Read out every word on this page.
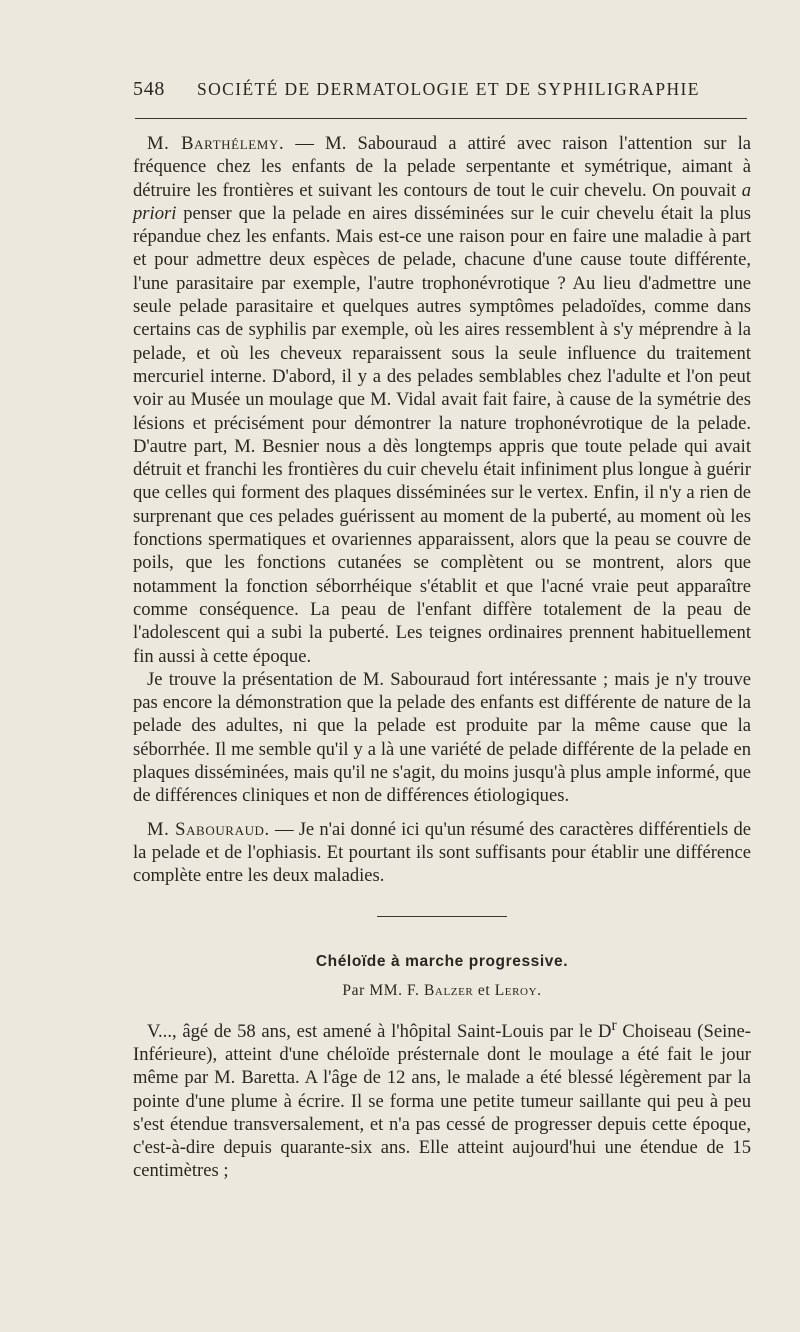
548	SOCIÉTÉ DE DERMATOLOGIE ET DE SYPHILIGRAPHIE

M. Barthélemy. — M. Sabouraud a attiré avec raison l'attention sur la fréquence chez les enfants de la pelade serpentante et symétrique, aimant à détruire les frontières et suivant les contours de tout le cuir chevelu. On pouvait a priori penser que la pelade en aires disséminées sur le cuir chevelu était la plus répandue chez les enfants. Mais est-ce une raison pour en faire une maladie à part et pour admettre deux espèces de pelade, chacune d'une cause toute différente, l'une parasitaire par exemple, l'autre trophonévrotique ? Au lieu d'admettre une seule pelade parasitaire et quelques autres symptômes peladoïdes, comme dans certains cas de syphilis par exemple, où les aires ressemblent à s'y méprendre à la pelade, et où les cheveux reparaissent sous la seule influence du traitement mercuriel interne. D'abord, il y a des pelades semblables chez l'adulte et l'on peut voir au Musée un moulage que M. Vidal avait fait faire, à cause de la symétrie des lésions et précisément pour démontrer la nature trophonévrotique de la pelade. D'autre part, M. Besnier nous a dès longtemps appris que toute pelade qui avait détruit et franchi les frontières du cuir chevelu était infiniment plus longue à guérir que celles qui forment des plaques disséminées sur le vertex. Enfin, il n'y a rien de surprenant que ces pelades guérissent au moment de la puberté, au moment où les fonctions spermatiques et ovariennes apparaissent, alors que la peau se couvre de poils, que les fonctions cutanées se complètent ou se montrent, alors que notamment la fonction séborrhéique s'établit et que l'acné vraie peut apparaître comme conséquence. La peau de l'enfant diffère totalement de la peau de l'adolescent qui a subi la puberté. Les teignes ordinaires prennent habituellement fin aussi à cette époque.

Je trouve la présentation de M. Sabouraud fort intéressante ; mais je n'y trouve pas encore la démonstration que la pelade des enfants est différente de nature de la pelade des adultes, ni que la pelade est produite par la même cause que la séborrhée. Il me semble qu'il y a là une variété de pelade différente de la pelade en plaques disséminées, mais qu'il ne s'agit, du moins jusqu'à plus ample informé, que de différences cliniques et non de différences étiologiques.

M. Sabouraud. — Je n'ai donné ici qu'un résumé des caractères différentiels de la pelade et de l'ophiasis. Et pourtant ils sont suffisants pour établir une différence complète entre les deux maladies.

Chéloïde à marche progressive.
Par MM. F. Balzer et Leroy.

V..., âgé de 58 ans, est amené à l'hôpital Saint-Louis par le $D^r$ Choiseau (Seine-Inférieure), atteint d'une chéloïde présternale dont le moulage a été fait le jour même par M. Baretta. A l'âge de 12 ans, le malade a été blessé légèrement par la pointe d'une plume à écrire. Il se forma une petite tumeur saillante qui peu à peu s'est étendue transversalement, et n'a pas cessé de progresser depuis cette époque, c'est-à-dire depuis quarante-six ans. Elle atteint aujourd'hui une étendue de 15 centimètres ;
